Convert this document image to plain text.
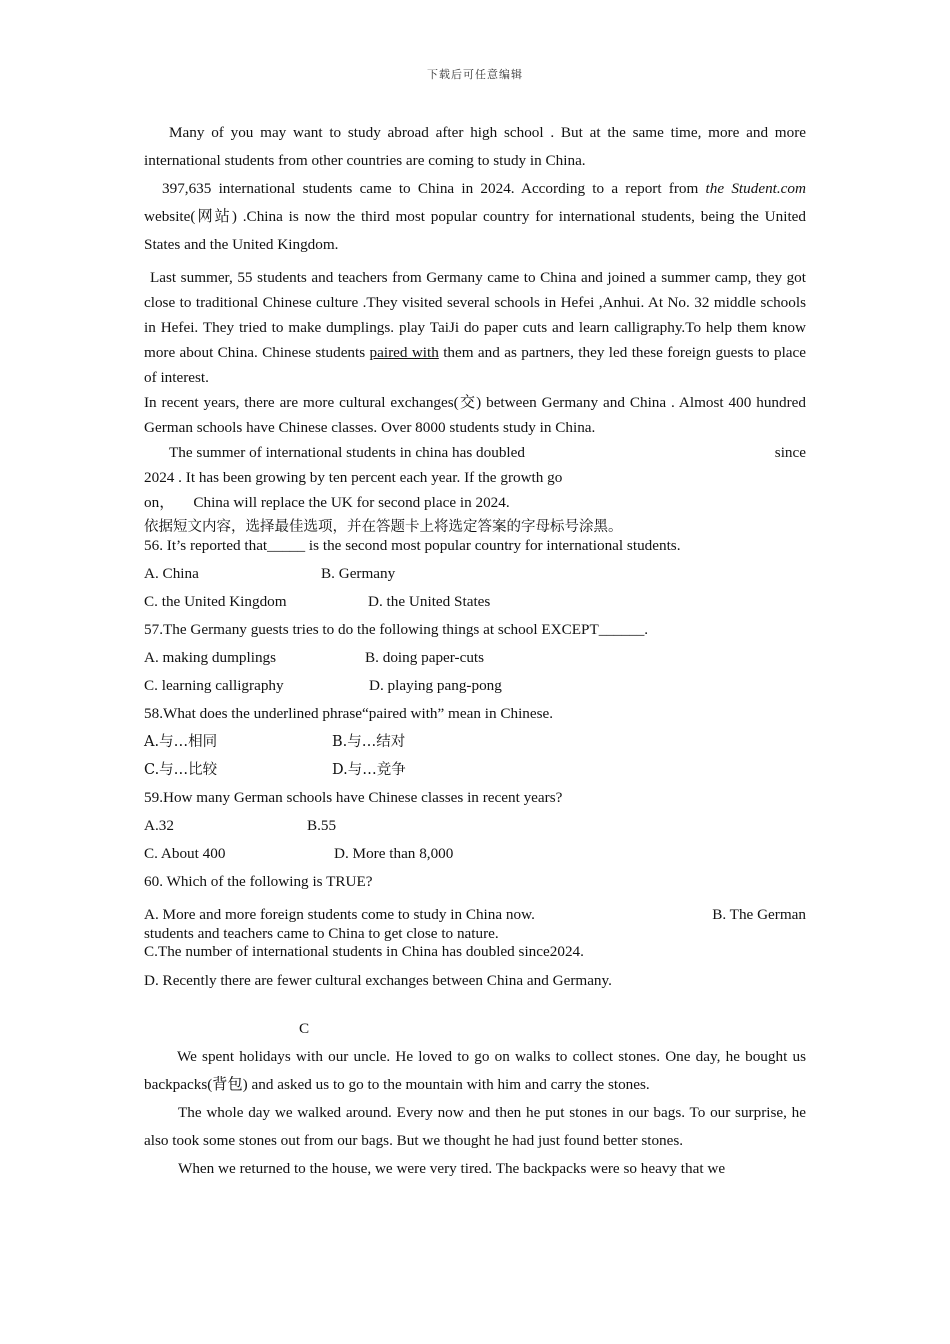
下载后可任意编辑

Many of you may want to study abroad after high school . But at the same time, more and more international students from other countries are coming to study in China.

397,635 international students came to China in 2024. According to a report from the Student.com website(网站) .China is now the third most popular country for international students, being the United States and the United Kingdom.

Last summer, 55 students and teachers from Germany came to China and joined a summer camp, they got close to traditional Chinese culture .They visited several schools in Hefei ,Anhui. At No. 32 middle schools in Hefei. They tried to make dumplings. play TaiJi do paper cuts and learn calligraphy.To help them know more about China. Chinese students paired with them and as partners, they led these foreign guests to place of interest.

In recent years, there are more cultural exchanges(交) between Germany and China . Almost 400 hundred German schools have Chinese classes. Over 8000 students study in China.

The summer of international students in china has doubled	since

2024 . It has been growing by ten percent each year. If the growth go

on，     China will replace the UK for second place in 2024.

依据短文内容，选择最佳选项，并在答题卡上将选定答案的字母标号涂黑。

56. It’s reported that_____ is the second most popular country for international students.
A. China	B. Germany
C. the United Kingdom	D. the United States
57.The Germany guests tries to do the following things at school EXCEPT______.
A. making dumplings	B. doing paper-cuts
C. learning calligraphy	D. playing pang-pong
58.What does the underlined phrase“paired with” mean in Chinese.
A.与…相同	B.与…结对
C.与…比较	D.与…竞争
59.How many German schools have Chinese classes in recent years?
A.32	B.55
C. About 400	D. More than 8,000
60. Which of the following is TRUE?
A. More and more foreign students come to study in China now.	B. The German
students and teachers came to China to get close to nature.
C.The number of international students in China has doubled since2024.
D. Recently there are fewer cultural exchanges between China and Germany.
C

We spent holidays with our uncle. He loved to go on walks to collect stones. One day, he bought us backpacks(背包) and asked us to go to the mountain with him and carry the stones.

The whole day we walked around. Every now and then he put stones in our bags. To our surprise, he also took some stones out from our bags. But we thought he had just found better stones.

When we returned to the house, we were very tired. The backpacks were so heavy that we
